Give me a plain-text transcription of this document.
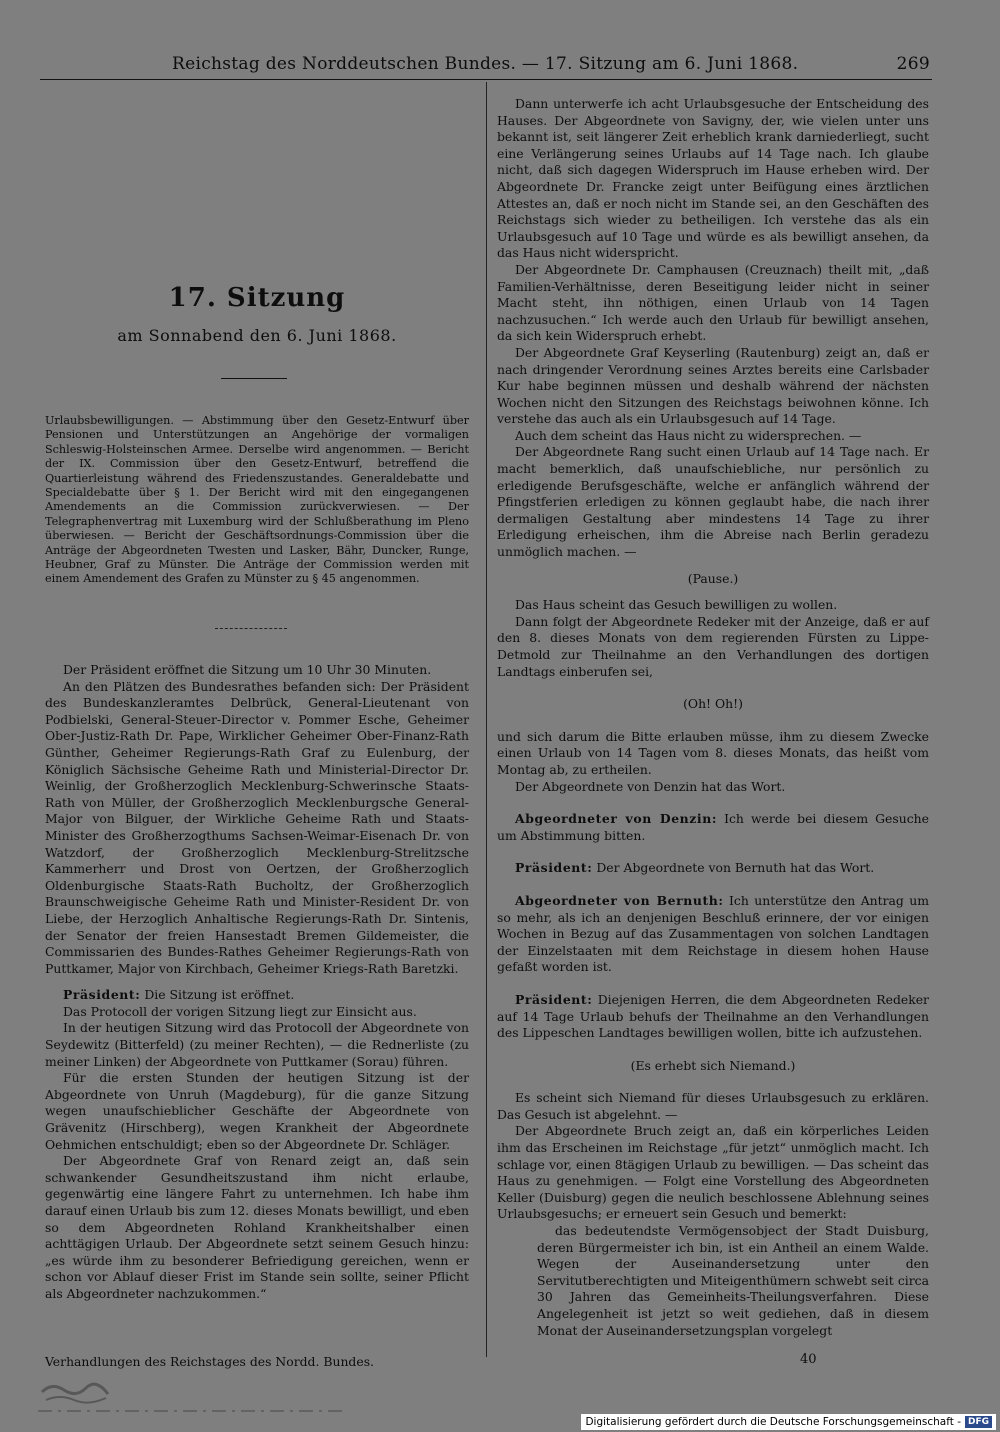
Reichstag des Norddeutschen Bundes. — 17. Sitzung am 6. Juni 1868.	269
17. Sitzung
am Sonnabend den 6. Juni 1868.
Urlaubsbewilligungen. — Abstimmung über den Gesetz-Entwurf über Pensionen und Unterstützungen an Angehörige der vormaligen Schleswig-Holsteinschen Armee. Derselbe wird angenommen. — Bericht der IX. Commission über den Gesetz-Entwurf, betreffend die Quartierleistung während des Friedenszustandes. Generaldebatte und Specialdebatte über § 1. Der Bericht wird mit den eingegangenen Amendements an die Commission zurückverwiesen. — Der Telegraphenvertrag mit Luxemburg wird der Schlußberathung im Pleno überwiesen. — Bericht der Geschäftsordnungs-Commission über die Anträge der Abgeordneten Twesten und Lasker, Bähr, Duncker, Runge, Heubner, Graf zu Münster. Die Anträge der Commission werden mit einem Amendement des Grafen zu Münster zu § 45 angenommen.

Der Präsident eröffnet die Sitzung um 10 Uhr 30 Minuten.

An den Plätzen des Bundesrathes befanden sich: Der Präsident des Bundeskanzleramtes Delbrück, General-Lieutenant von Podbielski, General-Steuer-Director v. Pommer Esche, Geheimer Ober-Justiz-Rath Dr. Pape, Wirklicher Geheimer Ober-Finanz-Rath Günther, Geheimer Regierungs-Rath Graf zu Eulenburg, der Königlich Sächsische Geheime Rath und Ministerial-Director Dr. Weinlig, der Großherzoglich Mecklenburg-Schwerinsche Staats-Rath von Müller, der Großherzoglich Mecklenburgsche General-Major von Bilguer, der Wirkliche Geheime Rath und Staats-Minister des Großherzogthums Sachsen-Weimar-Eisenach Dr. von Watzdorf, der Großherzoglich Mecklenburg-Strelitzsche Kammerherr und Drost von Oertzen, der Großherzoglich Oldenburgische Staats-Rath Bucholtz, der Großherzoglich Braunschweigische Geheime Rath und Minister-Resident Dr. von Liebe, der Herzoglich Anhaltische Regierungs-Rath Dr. Sintenis, der Senator der freien Hansestadt Bremen Gildemeister, die Commissarien des Bundes-Rathes Geheimer Regierungs-Rath von Puttkamer, Major von Kirchbach, Geheimer Kriegs-Rath Baretzki.

Präsident: Die Sitzung ist eröffnet.

Das Protocoll der vorigen Sitzung liegt zur Einsicht aus.

In der heutigen Sitzung wird das Protocoll der Abgeordnete von Seydewitz (Bitterfeld) (zu meiner Rechten), — die Rednerliste (zu meiner Linken) der Abgeordnete von Puttkamer (Sorau) führen.

Für die ersten Stunden der heutigen Sitzung ist der Abgeordnete von Unruh (Magdeburg), für die ganze Sitzung wegen unaufschieblicher Geschäfte der Abgeordnete von Grävenitz (Hirschberg), wegen Krankheit der Abgeordnete Oehmichen entschuldigt; eben so der Abgeordnete Dr. Schläger.

Der Abgeordnete Graf von Renard zeigt an, daß sein schwankender Gesundheitszustand ihm nicht erlaube, gegenwärtig eine längere Fahrt zu unternehmen. Ich habe ihm darauf einen Urlaub bis zum 12. dieses Monats bewilligt, und eben so dem Abgeordneten Rohland Krankheitshalber einen achttägigen Urlaub. Der Abgeordnete setzt seinem Gesuch hinzu: „es würde ihm zu besonderer Befriedigung gereichen, wenn er schon vor Ablauf dieser Frist im Stande sein sollte, seiner Pflicht als Abgeordneter nachzukommen.“

Dann unterwerfe ich acht Urlaubsgesuche der Entscheidung des Hauses. Der Abgeordnete von Savigny, der, wie vielen unter uns bekannt ist, seit längerer Zeit erheblich krank darniederliegt, sucht eine Verlängerung seines Urlaubs auf 14 Tage nach. Ich glaube nicht, daß sich dagegen Widerspruch im Hause erheben wird. Der Abgeordnete Dr. Francke zeigt unter Beifügung eines ärztlichen Attestes an, daß er noch nicht im Stande sei, an den Geschäften des Reichstags sich wieder zu betheiligen. Ich verstehe das als ein Urlaubsgesuch auf 10 Tage und würde es als bewilligt ansehen, da das Haus nicht widerspricht.

Der Abgeordnete Dr. Camphausen (Creuznach) theilt mit, „daß Familien-Verhältnisse, deren Beseitigung leider nicht in seiner Macht steht, ihn nöthigen, einen Urlaub von 14 Tagen nachzusuchen.“ Ich werde auch den Urlaub für bewilligt ansehen, da sich kein Widerspruch erhebt.

Der Abgeordnete Graf Keyserling (Rautenburg) zeigt an, daß er nach dringender Verordnung seines Arztes bereits eine Carlsbader Kur habe beginnen müssen und deshalb während der nächsten Wochen nicht den Sitzungen des Reichstags beiwohnen könne. Ich verstehe das auch als ein Urlaubsgesuch auf 14 Tage.

Auch dem scheint das Haus nicht zu widersprechen. —

Der Abgeordnete Rang sucht einen Urlaub auf 14 Tage nach. Er macht bemerklich, daß unaufschiebliche, nur persönlich zu erledigende Berufsgeschäfte, welche er anfänglich während der Pfingstferien erledigen zu können geglaubt habe, die nach ihrer dermaligen Gestaltung aber mindestens 14 Tage zu ihrer Erledigung erheischen, ihm die Abreise nach Berlin geradezu unmöglich machen. —

(Pause.)

Das Haus scheint das Gesuch bewilligen zu wollen.

Dann folgt der Abgeordnete Redeker mit der Anzeige, daß er auf den 8. dieses Monats von dem regierenden Fürsten zu Lippe-Detmold zur Theilnahme an den Verhandlungen des dortigen Landtags einberufen sei,

(Oh! Oh!)

und sich darum die Bitte erlauben müsse, ihm zu diesem Zwecke einen Urlaub von 14 Tagen vom 8. dieses Monats, das heißt vom Montag ab, zu ertheilen.

Der Abgeordnete von Denzin hat das Wort.

Abgeordneter von Denzin: Ich werde bei diesem Gesuche um Abstimmung bitten.

Präsident: Der Abgeordnete von Bernuth hat das Wort.

Abgeordneter von Bernuth: Ich unterstütze den Antrag um so mehr, als ich an denjenigen Beschluß erinnere, der vor einigen Wochen in Bezug auf das Zusammentagen von solchen Landtagen der Einzelstaaten mit dem Reichstage in diesem hohen Hause gefaßt worden ist.

Präsident: Diejenigen Herren, die dem Abgeordneten Redeker auf 14 Tage Urlaub behufs der Theilnahme an den Verhandlungen des Lippeschen Landtages bewilligen wollen, bitte ich aufzustehen.

(Es erhebt sich Niemand.)

Es scheint sich Niemand für dieses Urlaubsgesuch zu erklären. Das Gesuch ist abgelehnt. —

Der Abgeordnete Bruch zeigt an, daß ein körperliches Leiden ihm das Erscheinen im Reichstage „für jetzt“ unmöglich macht. Ich schlage vor, einen 8tägigen Urlaub zu bewilligen. — Das scheint das Haus zu genehmigen. — Folgt eine Vorstellung des Abgeordneten Keller (Duisburg) gegen die neulich beschlossene Ablehnung seines Urlaubsgesuchs; er erneuert sein Gesuch und bemerkt:

das bedeutendste Vermögensobject der Stadt Duisburg, deren Bürgermeister ich bin, ist ein Antheil an einem Walde. Wegen der Auseinandersetzung unter den Servitutberechtigten und Miteigenthümern schwebt seit circa 30 Jahren das Gemeinheits-Theilungsverfahren. Diese Angelegenheit ist jetzt so weit gediehen, daß in diesem Monat der Auseinandersetzungsplan vorgelegt

Verhandlungen des Reichstages des Nordd. Bundes.	40
Digitalisierung gefördert durch die Deutsche Forschungsgemeinschaft - DFG
